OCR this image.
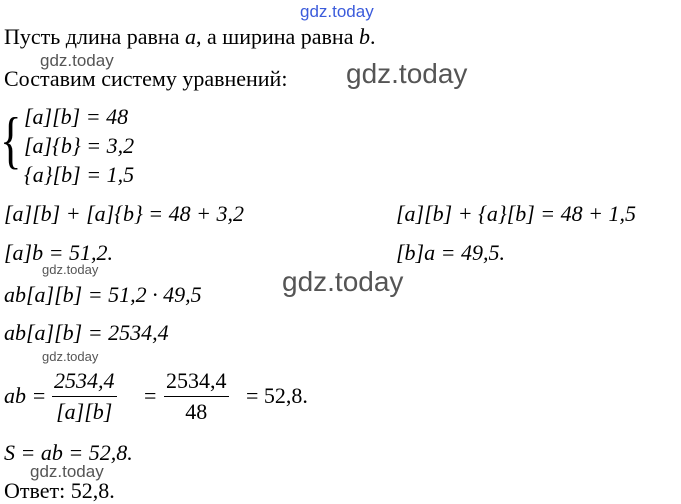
gdz.today
Пусть длина равна a, а ширина равна b.
gdz.today
Составим систему уравнений: gdz.today
{ [a][b] = 48
[a]{b} = 3,2
{a}[b] = 1,5
[a][b] + [a]{b} = 48 + 3,2	[a][b] + {a}[b] = 48 + 1,5
[a]b = 51,2.	[b]a = 49,5.
gdz.today	gdz.today
ab[a][b] = 51,2 · 49,5
ab[a][b] = 2534,4
gdz.today
ab =
2534,4
[a][b]
=
2534,4
48
= 52,8.
S = ab = 52,8.
gdz.today
Ответ: 52,8.
